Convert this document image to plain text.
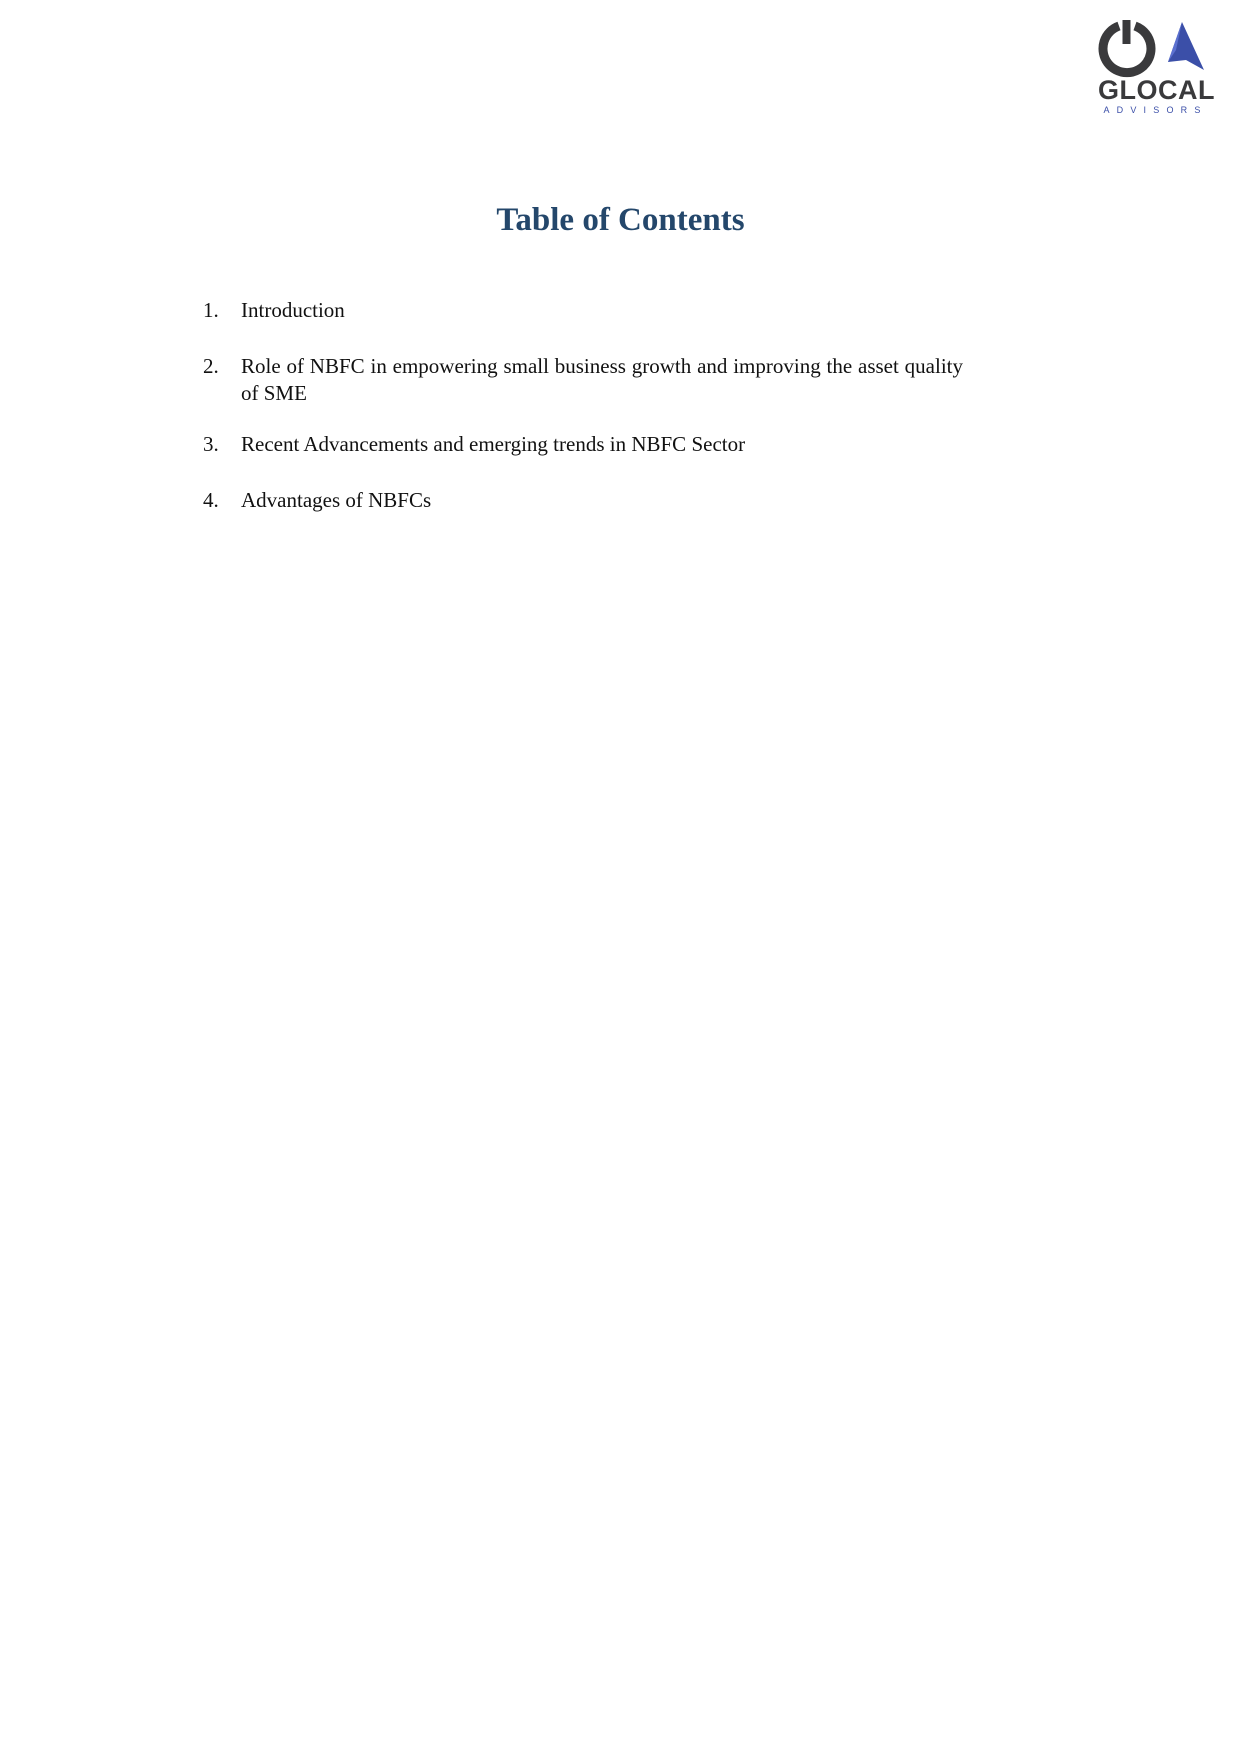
GLOCAL
ADVISORS
Table of Contents
1. Introduction
2. Role of NBFC in empowering small business growth and improving the asset quality of SME
3. Recent Advancements and emerging trends in NBFC Sector
4. Advantages of NBFCs
